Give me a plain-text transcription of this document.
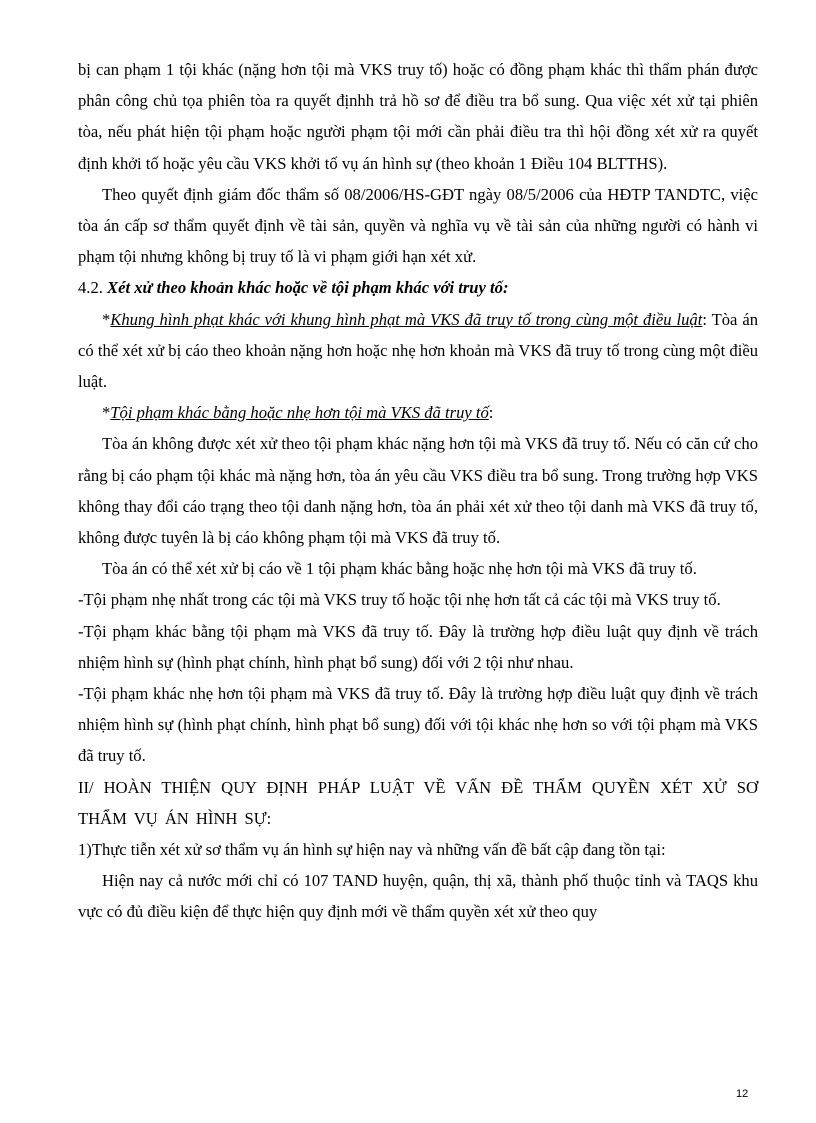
bị can phạm 1 tội khác (nặng hơn tội mà VKS truy tố) hoặc có đồng phạm khác thì thẩm phán được phân công chủ tọa phiên tòa ra quyết địnhh trả hồ sơ để điều tra bổ sung. Qua việc xét xử tại phiên tòa, nếu phát hiện tội phạm hoặc người phạm tội mới cần phải điều tra thì hội đồng xét xử ra quyết định khởi tố hoặc yêu cầu VKS khởi tố vụ án hình sự (theo khoản 1 Điều 104 BLTTHS).

Theo quyết định giám đốc thẩm số 08/2006/HS-GĐT ngày 08/5/2006 của HĐTP TANDTC, việc tòa án cấp sơ thẩm quyết định về tài sản, quyền và nghĩa vụ về tài sản của những người có hành vi phạm tội nhưng không bị truy tố là vi phạm giới hạn xét xử.

4.2. Xét xử theo khoản khác hoặc về tội phạm khác với truy tố:

*Khung hình phạt khác với khung hình phạt mà VKS đã truy tố trong cùng một điều luật: Tòa án có thể xét xử bị cáo theo khoản nặng hơn hoặc nhẹ hơn khoản mà VKS đã truy tố trong cùng một điều luật.

*Tội phạm khác bằng hoặc nhẹ hơn tội mà VKS đã truy tố:

Tòa án không được xét xử theo tội phạm khác nặng hơn tội mà VKS đã truy tố. Nếu có căn cứ cho rằng bị cáo phạm tội khác mà nặng hơn, tòa án yêu cầu VKS điều tra bổ sung. Trong trường hợp VKS không thay đổi cáo trạng theo tội danh nặng hơn, tòa án phải xét xử theo tội danh mà VKS đã truy tố, không được tuyên là bị cáo không phạm tội mà VKS đã truy tố.

Tòa án có thể xét xử bị cáo về 1 tội phạm khác bằng hoặc nhẹ hơn tội mà VKS đã truy tố.

-Tội phạm nhẹ nhất trong các tội mà VKS truy tố hoặc tội nhẹ hơn tất cả các tội mà VKS truy tố.

-Tội phạm khác bằng tội phạm mà VKS đã truy tố. Đây là trường hợp điều luật quy định về trách nhiệm hình sự (hình phạt chính, hình phạt bổ sung) đối với 2 tội như nhau.

-Tội phạm khác nhẹ hơn tội phạm mà VKS đã truy tố. Đây là trường hợp điều luật quy định về trách nhiệm hình sự (hình phạt chính, hình phạt bổ sung) đối với tội khác nhẹ hơn so với tội phạm mà VKS đã truy tố.

II/ HOÀN THIỆN QUY ĐỊNH PHÁP LUẬT VỀ VẤN ĐỀ THẨM QUYỀN XÉT XỬ SƠ THẨM VỤ ÁN HÌNH SỰ:

1)Thực tiễn xét xử sơ thẩm vụ án hình sự hiện nay và những vấn đề bất cập đang tồn tại:

Hiện nay cả nước mới chỉ có 107 TAND huyện, quận, thị xã, thành phố thuộc tỉnh và TAQS khu vực có đủ điều kiện để thực hiện quy định mới về thẩm quyền xét xử theo quy

12
